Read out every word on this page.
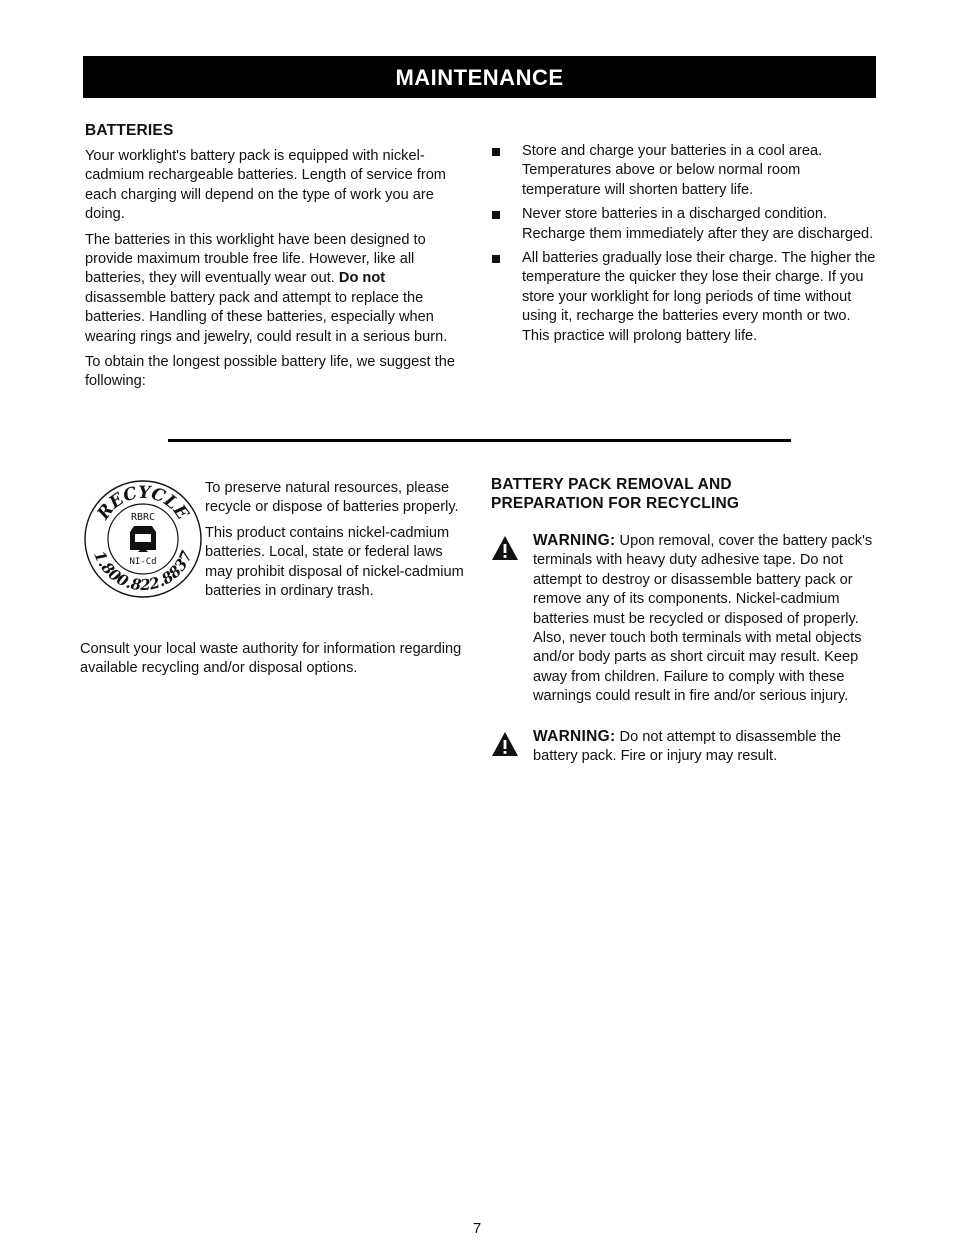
MAINTENANCE
BATTERIES

Your worklight's battery pack is equipped with nickel-cadmium rechargeable batteries. Length of service from each charging will depend on the type of work you are doing.

The batteries in this worklight have been designed to provide maximum trouble free life. However, like all batteries, they will eventually wear out. Do not disassemble battery pack and attempt to replace the batteries. Handling of these batteries, especially when wearing rings and jewelry, could result in a serious burn.

To obtain the longest possible battery life, we suggest the following:

Store and charge your batteries in a cool area. Temperatures above or below normal room temperature will shorten battery life.
Never store batteries in a discharged condition. Recharge them immediately after they are discharged.
All batteries gradually lose their charge. The higher the temperature the quicker they lose their charge. If you store your worklight for long periods of time without using it, recharge the batteries every month or two. This practice will prolong battery life.
RECYCLE
RBRC
NI-Cd
1.800.822.8837

To preserve natural resources, please recycle or dispose of batteries properly.

This product contains nickel-cadmium batteries. Local, state or federal laws may prohibit disposal of nickel-cadmium batteries in ordinary trash.

Consult your local waste authority for information regarding available recycling and/or disposal options.

BATTERY PACK REMOVAL AND
PREPARATION FOR RECYCLING
WARNING: Upon removal, cover the battery pack's terminals with heavy duty adhesive tape. Do not attempt to destroy or disassemble battery pack or remove any of its components. Nickel-cadmium batteries must be recycled or disposed of properly. Also, never touch both terminals with metal objects and/or body parts as short circuit may result. Keep away from children. Failure to comply with these warnings could result in fire and/or serious injury.
WARNING: Do not attempt to disassemble the battery pack. Fire or injury may result.
7
